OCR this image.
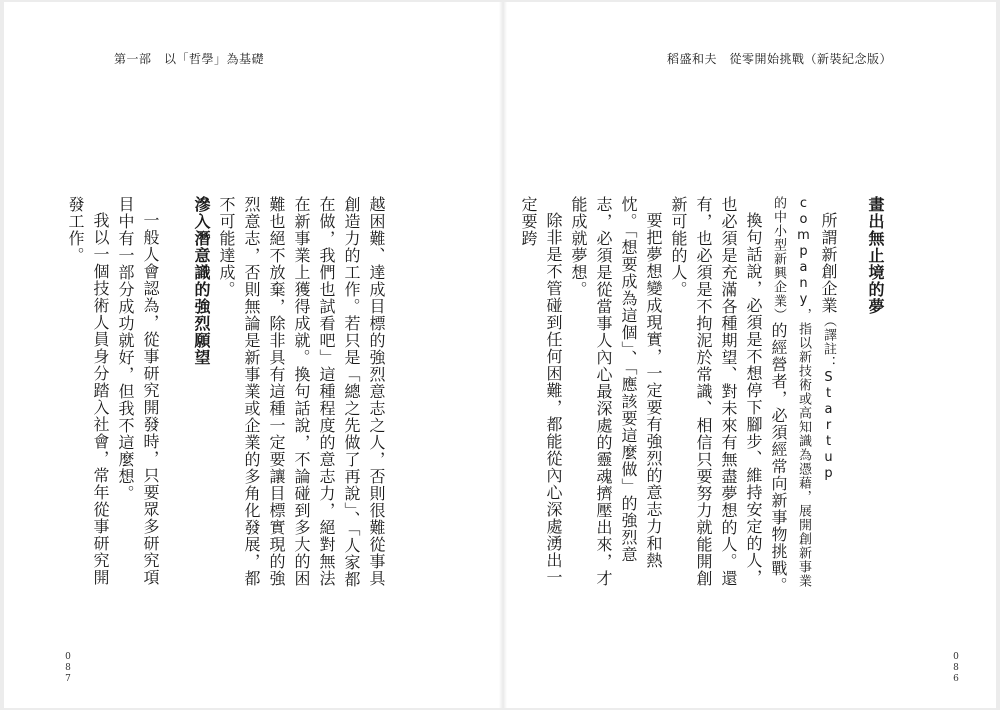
第一部　以「哲學」為基礎	稻盛和夫　從零開始挑戰（新裝紀念版）

畫出無止境的夢

所謂新創企業（譯註：Startup company，指以新技術或高知識為憑藉，展開創新事業的中小型新興企業）的經營者，必須經常向新事物挑戰。

換句話說，必須是不想停下腳步、維持安定的人，也必須是充滿各種期望、對未來有無盡夢想的人。還有，也必須是不拘泥於常識、相信只要努力就能開創新可能的人。

要把夢想變成現實，一定要有強烈的意志力和熱忱。「想要成為這個」、「應該要這麼做」的強烈意志，必須是從當事人內心最深處的靈魂擠壓出來，才能成就夢想。

除非是不管碰到任何困難，都能從內心深處湧出一定要跨

越困難、達成目標的強烈意志之人，否則很難從事具創造力的工作。若只是「總之先做了再說」、「人家都在做，我們也試看吧」這種程度的意志力，絕對無法在新事業上獲得成就。換句話說，不論碰到多大的困難也絕不放棄，除非具有這種一定要讓目標實現的強烈意志，否則無論是新事業或企業的多角化發展，都不可能達成。

滲入潛意識的強烈願望

一般人會認為，從事研究開發時，只要眾多研究項目中有一部分成功就好，但我不這麼想。

我以一個技術人員身分踏入社會，常年從事研究開發工作。

087	086
